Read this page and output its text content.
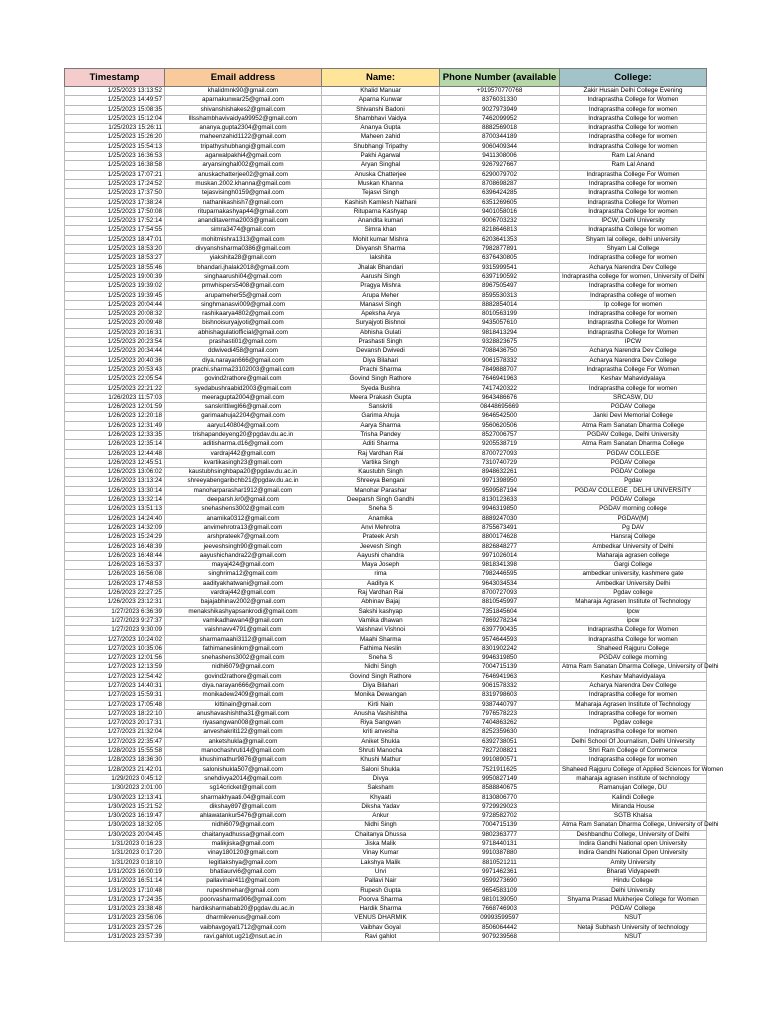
Timestamp	Email address	Name:	Phone Number (available	College:
1/25/2023 13:13:52	khalidmnk90@gmail.com	Khalid Manuar	+919570770768	Zakir Husain Delhi College Evening
1/25/2023 14:49:57	aparnakunwar25@gmail.com	Aparna Kunwar	8376031330	Indraprastha College for Women
1/25/2023 15:08:35	shivanshishakes2@gmail.com	Shivanshi Badoni	9027973949	Indraprastha college for women
1/25/2023 15:12:04	lllsshambhavivaidya99952@gmail.com	Shambhavi Vaidya	7462099952	Indraprastha College for women
1/25/2023 15:26:11	ananya.gupta2304@gmail.com	Ananya Gupta	8882569018	Indraprastha College for women
1/25/2023 15:26:20	maheenzahid1122@gmail.com	Maheen zahid	8700344189	Indraprastha college for women
1/25/2023 15:54:13	tripathyshubhangi@gmail.com	Shubhangi Tripathy	9060409344	Indraprastha College for women
1/25/2023 16:36:53	agarwalpakhi4@gmail.com	Pakhi Agarwal	9411308006	Ram Lal Anand
1/25/2023 16:38:58	aryansinghal002@gmail.com	Aryan Singhal	9267927667	Ram Lal Anand
1/25/2023 17:07:21	anuskachatterjee02@gmail.com	Anuska Chatterjee	6290079702	Indraprastha College For Women
1/25/2023 17:24:52	muskan.2002.khanna@gmail.com	Muskan Khanna	8708698287	Indraprastha college for women
1/25/2023 17:37:50	tejasvisingh0159@gmail.com	Tejasvi Singh	6396424285	Indraprastha College for women
1/25/2023 17:38:24	nathanikashish7@gmail.com	Kashish Kamlesh Nathani	6351269605	Indraprastha College for Women
1/25/2023 17:50:08	rituparnakashyap44@gmail.com	Rituparna Kashyap	9401058016	Indraprastha College for women
1/25/2023 17:52:14	ananditaverma2003@gmail.com	Anandita kumari	9006703232	IPCW, Delhi University
1/25/2023 17:54:55	simra3474@gmail.com	Simra khan	8218646813	Indraprastha College for women
1/25/2023 18:47:01	mohitmishra1313@gmail.com	Mohit kumar Mishra	6203641353	Shyam lal college, delhi university
1/25/2023 18:53:20	divyanshsharma0386@gmail.com	Divyansh Sharma	7982877891	Shyam Lal College
1/25/2023 18:53:27	yiakshita28@gmail.com	lakshita	6376430805	Indraprastha college for women
1/25/2023 18:55:46	bhandari.jhalak2018@gmail.com	Jhalak Bhandari	9315999541	Acharya Narendra Dev College
1/25/2023 19:00:39	singhaarushi04@gmail.com	Aarushi Singh	6397190592	Indraprastha college for women, University of Delhi
1/25/2023 19:39:02	pmwhispers5408@gmail.com	Pragya Mishra	8967505497	Indraprastha college for women
1/25/2023 19:39:45	arupameher55@gmail.com	Arupa Meher	8595530313	Indraprastha college of women
1/25/2023 20:04:44	singhmanasvi009@gmail.com	Manasvi Singh	8882854014	Ip college for women
1/25/2023 20:08:32	rashikaarya4802@gmail.com	Apeksha Arya	8010563199	Indraprastha college for women
1/25/2023 20:09:48	bishnoisuryajyoti@gmail.com	Suryajyoti Bishnoi	9435057610	Indraprastha College for Women
1/25/2023 20:16:31	abhishagulatiofficial@gmail.com	Abhisha Gulati	9818413294	Indraprastha College for Women
1/25/2023 20:23:54	prashasti01@gmail.com	Prashasti Singh	9328823675	IPCW
1/25/2023 20:34:44	ddwivedi458@gmail.com	Devansh Dwivedi	7088436750	Acharya Narendra Dev College
1/25/2023 20:40:36	diya.narayan666@gmail.com	Diya Bilahari	9061578332	Acharya Narendra Dev College
1/25/2023 20:53:43	prachi.sharma23102003@gmail.com	Prachi Sharma	7849888707	Indraprastha College For Women
1/25/2023 22:05:54	govind2rathore@gmail.com	Govind Singh Rathore	7646941963	Keshav Mahavidyalaya
1/25/2023 22:21:22	syedabushraabid2003@gmail.com	Syeda Bushra	7417420322	Indraprastha college for women
1/26/2023 11:57:03	meeragupta2004@gmail.com	Meera Prakash Gupta	9643486676	SRCASW, DU
1/26/2023 12:01:59	sanskrittiwgl66@gmail.com	Sanskriti	08448695669	PGDAV College
1/26/2023 12:20:18	garimaahuja2204@gmail.com	Garima Ahuja	9646542500	Janki Devi Memorial College
1/26/2023 12:31:49	aaryu140804@gmail.com	Aarya Sharma	9560620506	Atma Ram Sanatan Dharma College
1/26/2023 12:33:35	trishapandeyeng20@pgdav.du.ac.in	Trisha Pandey	8527006757	PGDAV College, Delhi University
1/26/2023 12:35:14	aditisharma.d16@gmail.com	Aditi Sharma	9205538719	Atma Ram Sanatan Dharma College
1/26/2023 12:44:48	vardraj442@gmail.com	Raj Vardhan Rai	8700727093	PGDAV COLLEGE
1/26/2023 12:45:51	kvartikasingh23@gmail.com	Vartika Singh	7310740729	PGDAV College
1/26/2023 13:06:02	kaustubhsinghbapa20@pgdav.du.ac.in	Kaustubh Singh	8948632261	PGDAV College
1/26/2023 13:13:24	shreeyabengaribchb21@pgdav.du.ac.in	Shreeya Bengani	9971398950	Pgdav
1/26/2023 13:30:14	manoharparashar1912@gmail.com	Manohar Parashar	9599587194	PGDAV COLLEGE , DELHI UNIVERSITY
1/26/2023 13:32:14	deeparsh.kr0@gmail.com	Deeparsh Singh Gandhi	8130123633	PGDAV College
1/26/2023 13:51:13	snehashens3002@gmail.com	Sneha S	9946319850	PGDAV morning college
1/26/2023 14:24:40	anamika0312@gmail.com	Anamika	8889247030	PGDAV(M)
1/26/2023 14:32:09	anvimehrotra13@gmail.com	Anvi Mehrotra	8755673491	Pg DAV
1/26/2023 15:24:29	arshprateek7@gmail.com	Prateek Arsh	8800174628	Hansraj College
1/26/2023 16:48:39	jeeveshsingh90@gmail.com	Jeevesh Singh	8826848277	Ambedkar University of Delhi
1/26/2023 16:48:44	aayushichandra22@gmail.com	Aayushi chandra	9971026014	Maharaja agrasen college
1/26/2023 16:53:37	mayaj424@gmail.com	Maya Joseph	9818341398	Gargi College
1/26/2023 16:56:08	singhrima12@gmail.com	rima	7982446595	ambedkar university, kashmere gate
1/26/2023 17:48:53	aadityakhatwani@gmail.com	Aaditya K	9643034534	Ambedkar University Delhi
1/26/2023 22:27:25	vardraj442@gmail.com	Raj Vardhan Rai	8700727093	Pgdav college
1/26/2023 23:12:31	bajajabhinav2002@gmail.com	Abhinav Bajaj	8810545997	Maharaja Agrasen Institute of Technology
1/27/2023 6:36:39	menakshikashyapsankrodi@gmail.com	Sakshi kashyap	7351845604	Ipcw
1/27/2023 9:27:37	vamikadhawan4@gmail.com	Vamika dhawan	7869278234	ipcw
1/27/2023 9:30:09	vaishnavv4791@gmail.com	Vaishnavi Vishnoi	6397790435	Indraprastha College for Women
1/27/2023 10:24:02	sharmamaahi3112@gmail.com	Maahi Sharma	9574644593	Indraprastha College for women
1/27/2023 10:35:06	fathimaneslinkm@gmail.com	Fathima Neslin	8301902242	Shaheed Rajguru College
1/27/2023 12:01:56	snehashens3002@gmail.com	Sneha S	9946319850	PGDAV college morning
1/27/2023 12:13:59	nidhi6079@gmail.com	Nidhi Singh	7004715139	Atma Ram Sanatan Dharma College, University of Delhi
1/27/2023 12:54:42	govind2rathore@gmail.com	Govind Singh Rathore	7646941963	Keshav Mahavidyalaya
1/27/2023 14:40:31	diya.narayan666@gmail.com	Diya Bilahari	9061578332	Acharya Narendra Dev College
1/27/2023 15:59:31	monikadew2409@gmail.com	Monika Dewangan	8319798603	Indraprastha college for women
1/27/2023 17:05:48	kittinain@gmail.com	Kirti Nain	9387440797	Maharaja Agrasen Institute of Technology
1/27/2023 18:22:10	anushavashishtha31@gmail.com	Anusha Vashishtha	7976578223	Indraprastha college for women
1/27/2023 20:17:31	riyasangwan008@gmail.com	Riya Sangwan	7404863262	Pgdav college
1/27/2023 21:32:04	anveshakriti122@gmail.com	kriti anvesha	8252359630	Indraprastha college for women
1/27/2023 22:35:47	anketshukla@gmail.com	Aniket Shukla	6392738051	Delhi School Of Journalism, Delhi University
1/28/2023 15:55:58	manochashruti14@gmail.com	Shruti Manocha	7827208821	Shri Ram College of Commerce
1/28/2023 18:36:30	khushimathur9876@gmail.com	Khushi Mathur	9910890571	Indraprastha college for women
1/28/2023 21:42:01	salonishukla507@gmail.com	Saloni Shukla	7521911625	Shaheed Rajguru College of Applied Sciences for Women
1/29/2023 0:45:12	snehdivya2014@gmail.com	Divya	9950827149	maharaja agrasen institute of technology
1/30/2023 2:01:00	sg14cricket@gmail.com	Saksham	8588840675	Ramanujan College, DU
1/30/2023 12:13:41	sharmakhyaati.04@gmail.com	Khyaati	8130806770	Kalindi College
1/30/2023 15:21:52	dikshay897@gmail.com	Diksha Yadav	9729929023	Miranda House
1/30/2023 16:19:47	ahlawatankur5476@gmail.com	Ankur	9728582702	SGTB Khalsa
1/30/2023 18:32:05	nidhi6079@gmail.com	Nidhi Singh	7004715139	Atma Ram Sanatan Dharma College, University of Delhi
1/30/2023 20:04:45	chaitanyadhussa@gmail.com	Chaitanya Dhussa	9802363777	Deshbandhu College, University of Delhi
1/31/2023 0:16:23	malikjiska@gmail.com	Jiska Malik	9718440131	Indira Gandhi National open University
1/31/2023 0:17:20	vinay180120@gmail.com	Vinay Kumar	9910387880	Indira Gandhi National Open University
1/31/2023 0:18:10	legitlakshya@gmail.com	Lakshya Malik	8810521211	Amity University
1/31/2023 16:00:19	bhatiaurvi6@gmail.com	Urvi	9971462361	Bharati Vidyapeeth
1/31/2023 16:51:14	pallavinair411@gmail.com	Pallavi Nair	9599273690	Hindu College
1/31/2023 17:10:48	rupeshmehar@gmail.com	Rupesh Gupta	9654583109	Delhi University
1/31/2023 17:24:35	poorvasharma906@gmail.com	Poorva Sharma	9810139050	Shyama Prasad Mukherjee College for Women
1/31/2023 23:38:48	hardiksharmabab20@pgdav.du.ac.in	Hardik Sharma	7668746903	PGDAV College
1/31/2023 23:56:06	dharmikvenus@gmail.com	VENUS DHARMIK	09993599597	NSUT
1/31/2023 23:57:26	vaibhavgoyal1712@gmail.com	Vaibhav Goyal	8506064442	Netaji Subhash University of technology
1/31/2023 23:57:39	ravi.gahlot.ug21@nsut.ac.in	Ravi gahlot	9079239568	NSUT
